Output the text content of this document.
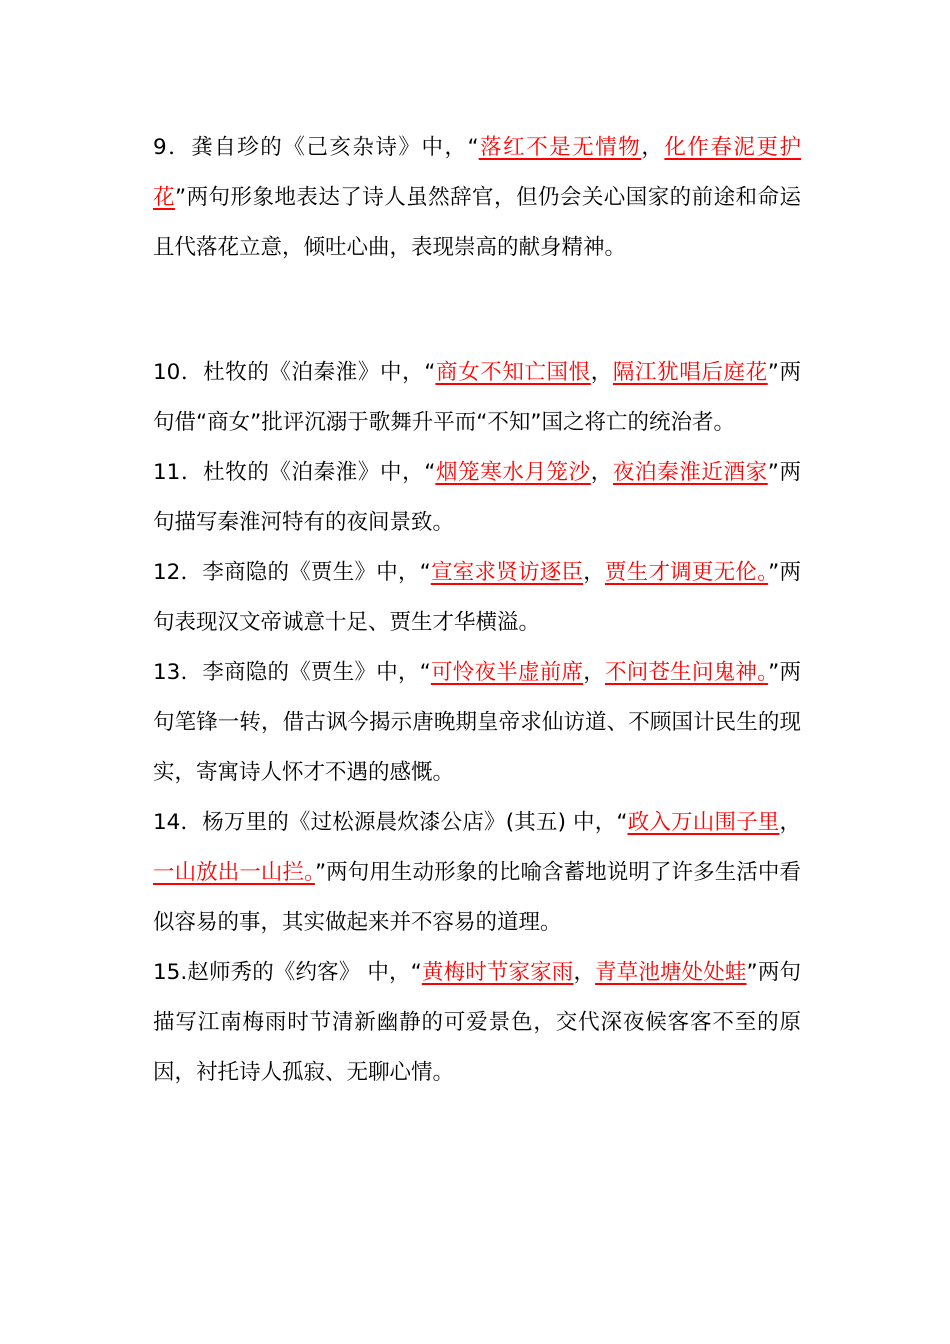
9．龚自珍的《己亥杂诗》中，“落红不是无情物，化作春泥更护花”两句形象地表达了诗人虽然辞官，但仍会关心国家的前途和命运且代落花立意，倾吐心曲，表现崇高的献身精神。

10．杜牧的《泊秦淮》中，“商女不知亡国恨，隔江犹唱后庭花”两句借“商女”批评沉溺于歌舞升平而“不知”国之将亡的统治者。

11．杜牧的《泊秦淮》中，“烟笼寒水月笼沙，夜泊秦淮近酒家”两句描写秦淮河特有的夜间景致。

12．李商隐的《贾生》中，“宣室求贤访逐臣，贾生才调更无伦。”两句表现汉文帝诚意十足、贾生才华横溢。

13．李商隐的《贾生》中，“可怜夜半虚前席，不问苍生问鬼神。”两句笔锋一转，借古讽今揭示唐晚期皇帝求仙访道、不顾国计民生的现实，寄寓诗人怀才不遇的感慨。

14．杨万里的《过松源晨炊漆公店》(其五) 中，“政入万山围子里，一山放出一山拦。”两句用生动形象的比喻含蓄地说明了许多生活中看似容易的事，其实做起来并不容易的道理。

15.赵师秀的《约客》 中，“黄梅时节家家雨，青草池塘处处蛙”两句描写江南梅雨时节清新幽静的可爱景色，交代深夜候客客不至的原因，衬托诗人孤寂、无聊心情。
